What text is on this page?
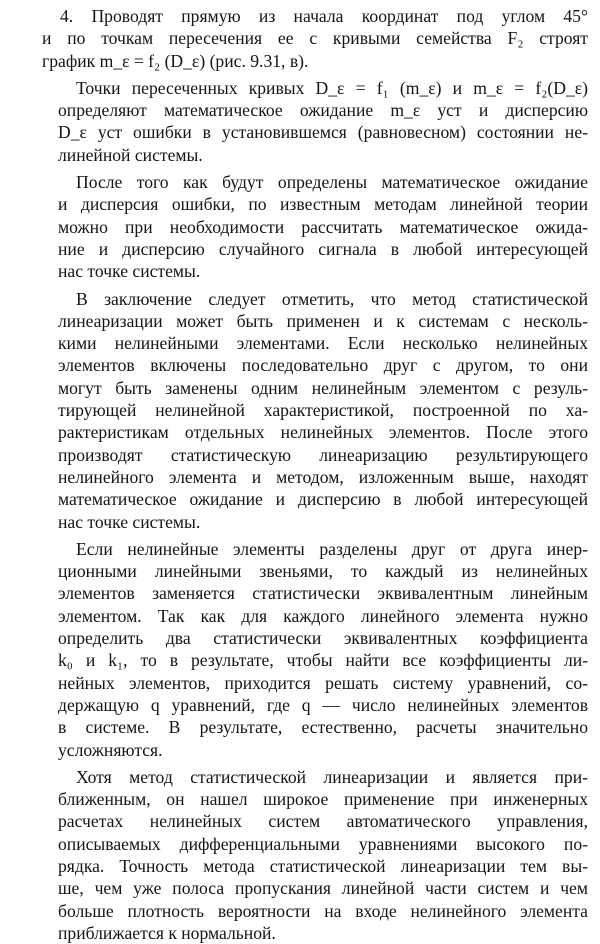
4. Проводят прямую из начала координат под углом 45°
и по точкам пересечения ее с кривыми семейства F₂ строят
график m_ε = f₂ (D_ε) (рис. 9.31, в).
Точки пересеченных кривых D_ε = f₁ (m_ε) и m_ε = f₂(D_ε)
определяют математическое ожидание m_ε уст и дисперсию
D_ε уст ошибки в установившемся (равновесном) состоянии не-
линейной системы.
После того как будут определены математическое ожидание
и дисперсия ошибки, по известным методам линейной теории
можно при необходимости рассчитать математическое ожида-
ние и дисперсию случайного сигнала в любой интересующей
нас точке системы.
В заключение следует отметить, что метод статистической
линеаризации может быть применен и к системам с несколь-
кими нелинейными элементами. Если несколько нелинейных
элементов включены последовательно друг с другом, то они
могут быть заменены одним нелинейным элементом с резуль-
тирующей нелинейной характеристикой, построенной по ха-
рактеристикам отдельных нелинейных элементов. После этого
производят статистическую линеаризацию результирующего
нелинейного элемента и методом, изложенным выше, находят
математическое ожидание и дисперсию в любой интересующей
нас точке системы.
Если нелинейные элементы разделены друг от друга инер-
ционными линейными звеньями, то каждый из нелинейных
элементов заменяется статистически эквивалентным линейным
элементом. Так как для каждого линейного элемента нужно
определить два статистически эквивалентных коэффициента
k₀ и k₁, то в результате, чтобы найти все коэффициенты ли-
нейных элементов, приходится решать систему уравнений, со-
держащую q уравнений, где q — число нелинейных элементов
в системе. В результате, естественно, расчеты значительно
усложняются.
Хотя метод статистической линеаризации и является при-
ближенным, он нашел широкое применение при инженерных
расчетах нелинейных систем автоматического управления,
описываемых дифференциальными уравнениями высокого по-
рядка. Точность метода статистической линеаризации тем вы-
ше, чем уже полоса пропускания линейной части систем и чем
больше плотность вероятности на входе нелинейного элемента
приближается к нормальной.
